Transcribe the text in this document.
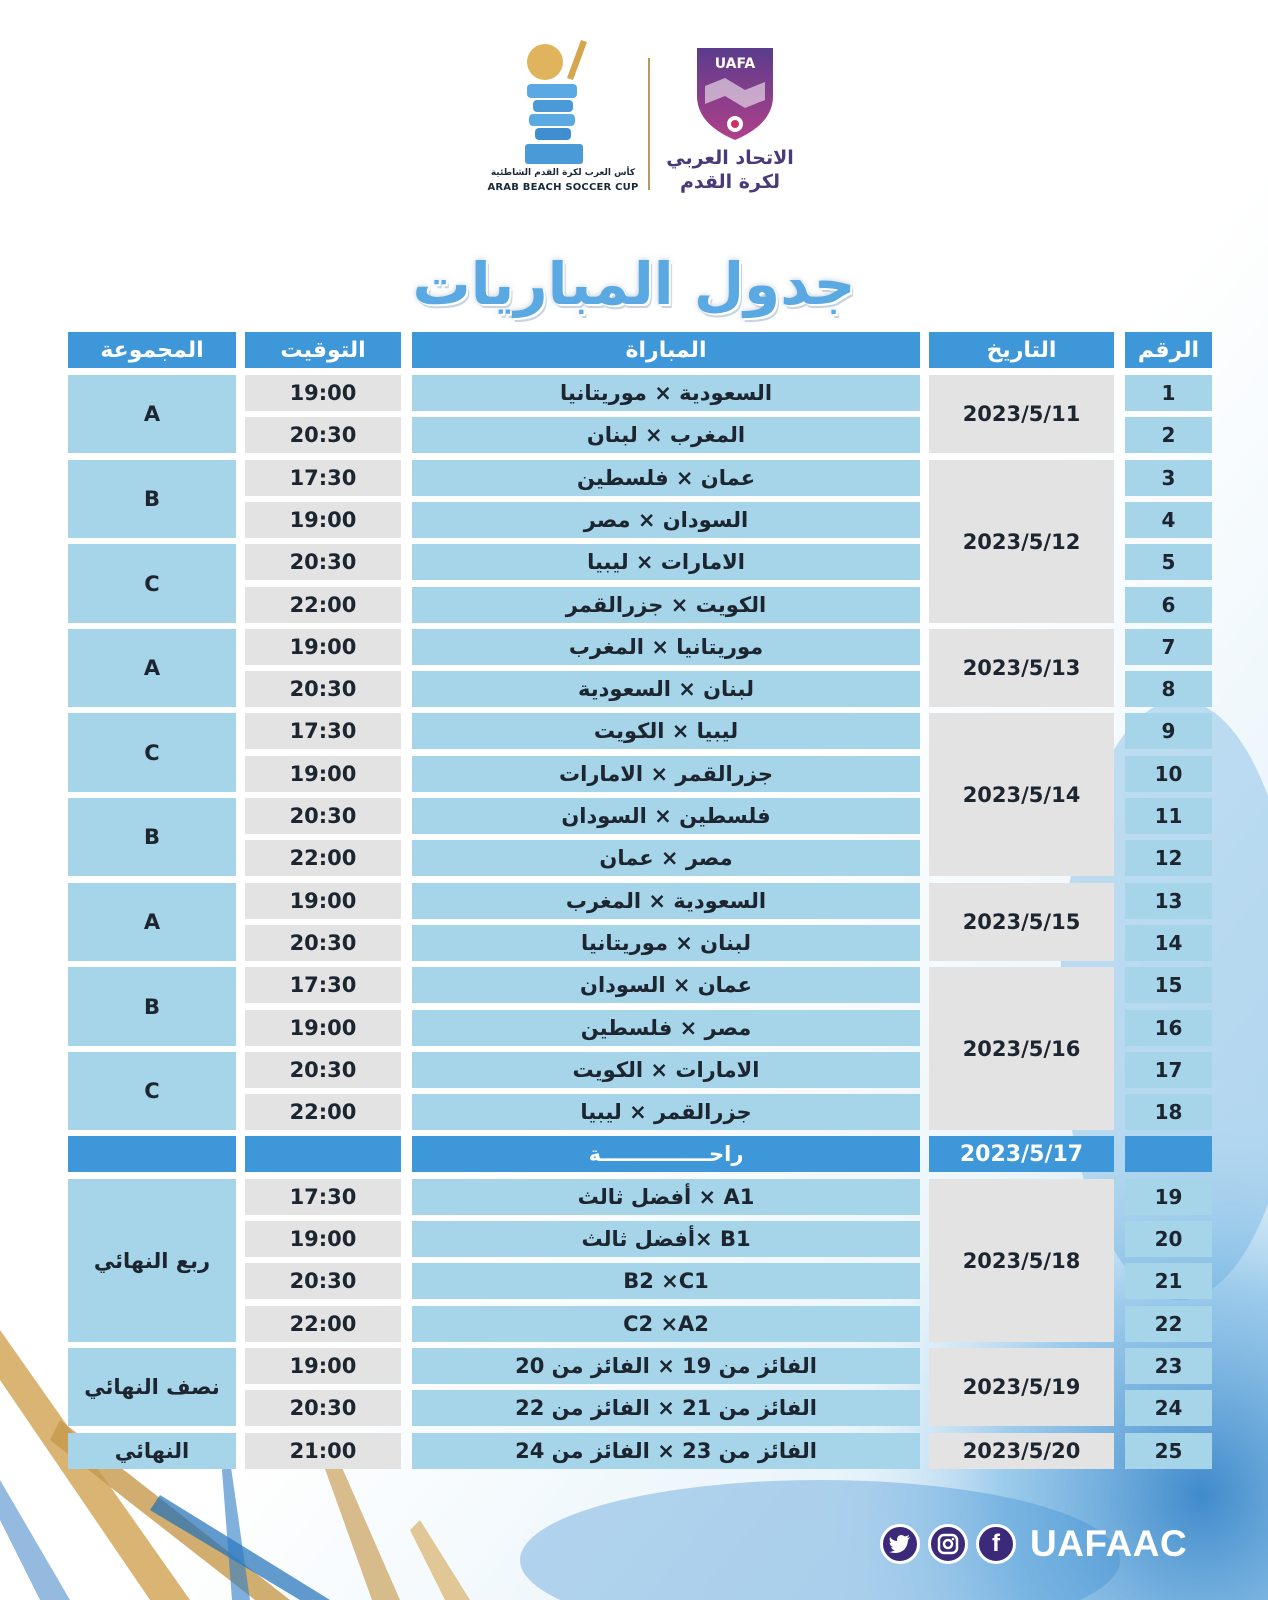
كأس العرب لكرة القدم الشاطئية
ARAB BEACH SOCCER CUP
UAFA
الاتحاد العربي
لكرة القدم
جدول المباريات
الرقم
التاريخ
المباراة
التوقيت
المجموعة
1
السعودية × موريتانيا
19:00
2
المغرب × لبنان
20:30
3
عمان × فلسطين
17:30
4
السودان × مصر
19:00
5
الامارات × ليبيا
20:30
6
الكويت × جزرالقمر
22:00
7
موريتانيا × المغرب
19:00
8
لبنان × السعودية
20:30
9
ليبيا × الكويت
17:30
10
جزرالقمر × الامارات
19:00
11
فلسطين × السودان
20:30
12
مصر × عمان
22:00
13
السعودية × المغرب
19:00
14
لبنان × موريتانيا
20:30
15
عمان × السودان
17:30
16
مصر × فلسطين
19:00
17
الامارات × الكويت
20:30
18
جزرالقمر × ليبيا
22:00
19
A1 × أفضل ثالث
17:30
20
B1 ×أفضل ثالث
19:00
21
B2 ×C1
20:30
22
C2 ×A2
22:00
23
الفائز من 19 × الفائز من 20
19:00
24
الفائز من 21 × الفائز من 22
20:30
25
الفائز من 23 × الفائز من 24
21:00
2023/5/11
2023/5/12
2023/5/13
2023/5/14
2023/5/15
2023/5/16
2023/5/18
2023/5/19
2023/5/20
A
B
C
A
C
B
A
B
C
ربع النهائي
نصف النهائي
النهائي
2023/5/17
راحـــــــــــــــة
f UAFAAC
